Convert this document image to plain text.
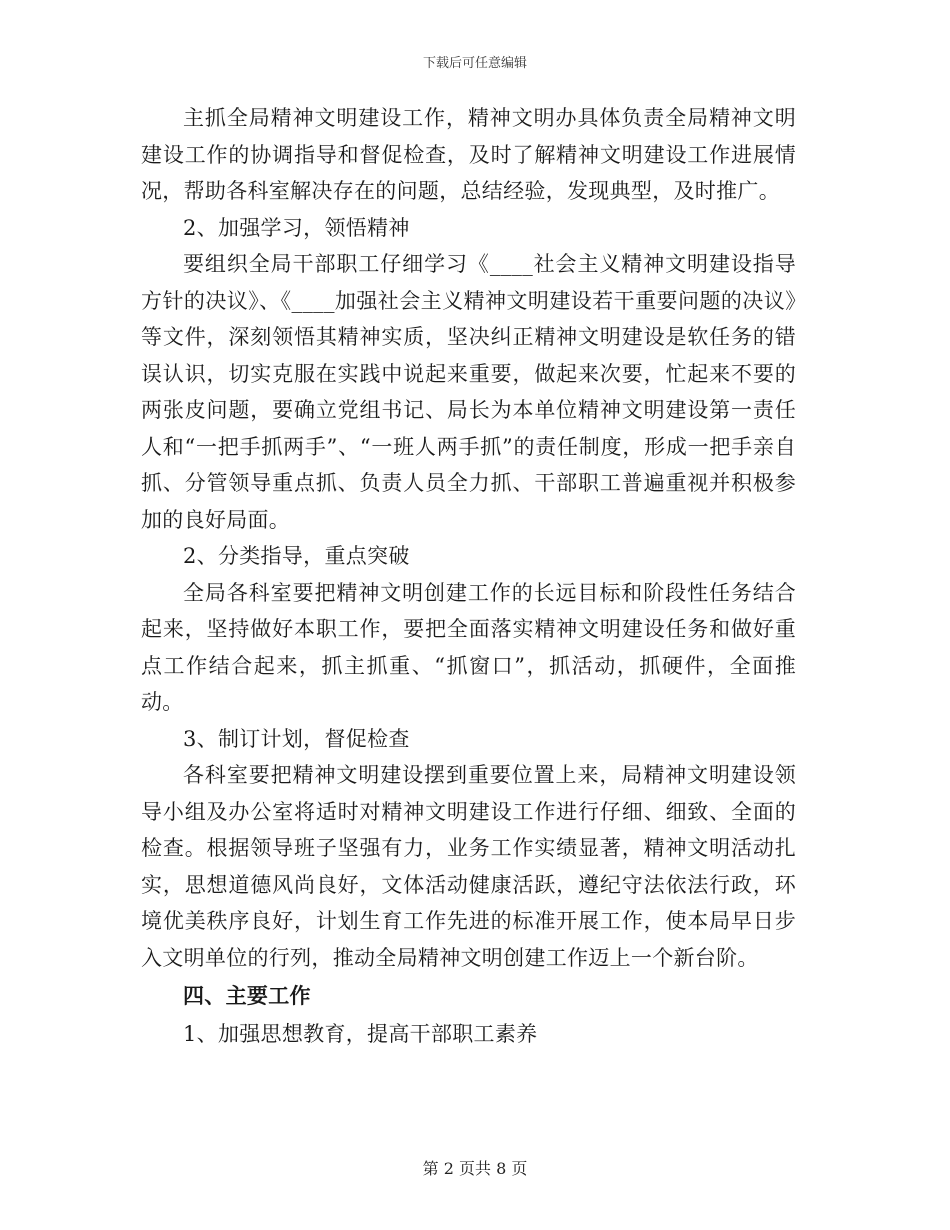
下载后可任意编辑

主抓全局精神文明建设工作，精神文明办具体负责全局精神文明建设工作的协调指导和督促检查，及时了解精神文明建设工作进展情况，帮助各科室解决存在的问题，总结经验，发现典型，及时推广。

2、加强学习，领悟精神

要组织全局干部职工仔细学习《____社会主义精神文明建设指导方针的决议》、《____加强社会主义精神文明建设若干重要问题的决议》等文件，深刻领悟其精神实质，坚决纠正精神文明建设是软任务的错误认识，切实克服在实践中说起来重要，做起来次要，忙起来不要的两张皮问题，要确立党组书记、局长为本单位精神文明建设第一责任人和“一把手抓两手”、“一班人两手抓”的责任制度，形成一把手亲自抓、分管领导重点抓、负责人员全力抓、干部职工普遍重视并积极参加的良好局面。

2、分类指导，重点突破

全局各科室要把精神文明创建工作的长远目标和阶段性任务结合起来，坚持做好本职工作，要把全面落实精神文明建设任务和做好重点工作结合起来，抓主抓重、“抓窗口”，抓活动，抓硬件，全面推动。

3、制订计划，督促检查

各科室要把精神文明建设摆到重要位置上来，局精神文明建设领导小组及办公室将适时对精神文明建设工作进行仔细、细致、全面的检查。根据领导班子坚强有力，业务工作实绩显著，精神文明活动扎实，思想道德风尚良好，文体活动健康活跃，遵纪守法依法行政，环境优美秩序良好，计划生育工作先进的标准开展工作，使本局早日步入文明单位的行列，推动全局精神文明创建工作迈上一个新台阶。

四、主要工作

1、加强思想教育，提高干部职工素养

第 2 页共 8 页
